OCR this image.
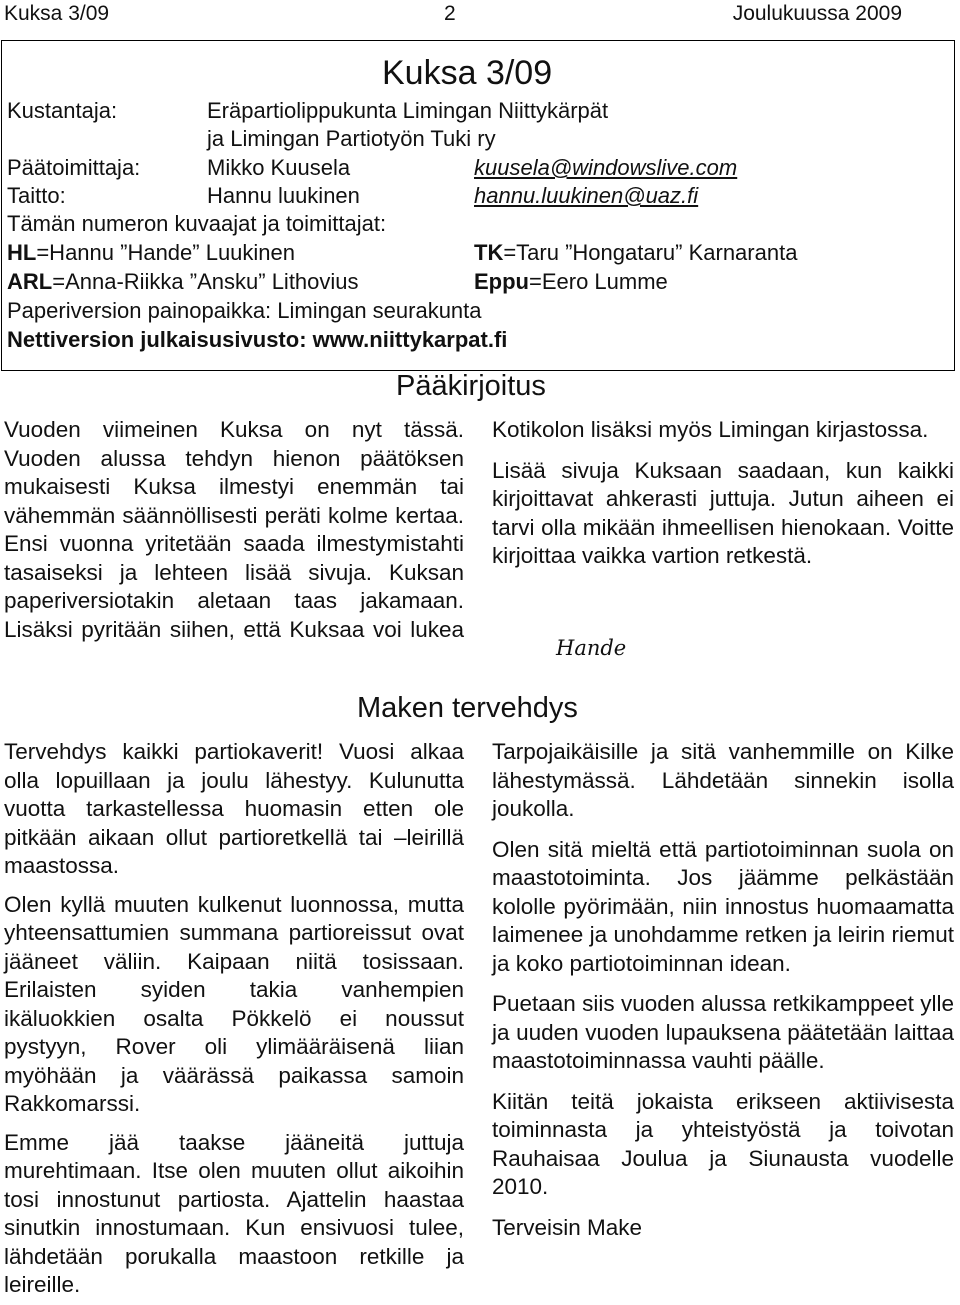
Kuksa 3/09	2	Joulukuussa 2009
Kuksa 3/09
Kustantaja:	Eräpartiolippukunta Limingan Niittykärpät
ja Limingan Partiotyön Tuki ry
Päätoimittaja:	Mikko Kuusela	kuusela@windowslive.com
Taitto:	Hannu luukinen	hannu.luukinen@uaz.fi
Tämän numeron kuvaajat ja toimittajat:
HL=Hannu ”Hande” Luukinen	TK=Taru ”Hongataru” Karnaranta
ARL=Anna-Riikka ”Ansku” Lithovius	Eppu=Eero Lumme
Paperiversion painopaikka: Limingan seurakunta
Nettiversion julkaisusivusto: www.niittykarpat.fi
Pääkirjoitus

Vuoden viimeinen Kuksa on nyt tässä. Vuoden alussa tehdyn hienon päätöksen mukaisesti Kuksa ilmestyi enemmän tai vähemmän säännöllisesti peräti kolme kertaa. Ensi vuonna yritetään saada ilmestymistahti tasaiseksi ja lehteen lisää sivuja. Kuksan paperiversiotakin aletaan taas jakamaan. Lisäksi pyritään siihen, että Kuksaa voi lukea

Kotikolon lisäksi myös Limingan kirjastossa.

Lisää sivuja Kuksaan saadaan, kun kaikki kirjoittavat ahkerasti juttuja. Jutun aiheen ei tarvi olla mikään ihmeellisen hienokaan. Voitte kirjoittaa vaikka vartion retkestä.

Hande
Maken tervehdys

Tervehdys kaikki partiokaverit! Vuosi alkaa olla lopuillaan ja joulu lähestyy. Kulunutta vuotta tarkastellessa huomasin etten ole pitkään aikaan ollut partioretkellä tai –leirillä maastossa.

Olen kyllä muuten kulkenut luonnossa, mutta yhteensattumien summana partioreissut ovat jääneet väliin. Kaipaan niitä tosissaan. Erilaisten syiden takia vanhempien ikäluokkien osalta Pökkelö ei noussut pystyyn, Rover oli ylimääräisenä liian myöhään ja väärässä paikassa samoin Rakkomarssi.

Emme jää taakse jääneitä juttuja murehtimaan. Itse olen muuten ollut aikoihin tosi innostunut partiosta. Ajattelin haastaa sinutkin innostumaan. Kun ensivuosi tulee, lähdetään porukalla maastoon retkille ja leireille.

Tarpojaikäisille ja sitä vanhemmille on Kilke lähestymässä. Lähdetään sinnekin isolla joukolla.

Olen sitä mieltä että partiotoiminnan suola on maastotoiminta. Jos jäämme pelkästään kololle pyörimään, niin innostus huomaamatta laimenee ja unohdamme retken ja leirin riemut ja koko partiotoiminnan idean.

Puetaan siis vuoden alussa retkikamppeet ylle ja uuden vuoden lupauksena päätetään laittaa maastotoiminnassa vauhti päälle.

Kiitän teitä jokaista erikseen aktiivisesta toiminnasta ja yhteistyöstä ja toivotan Rauhaisaa Joulua ja Siunausta vuodelle 2010.

Terveisin Make
